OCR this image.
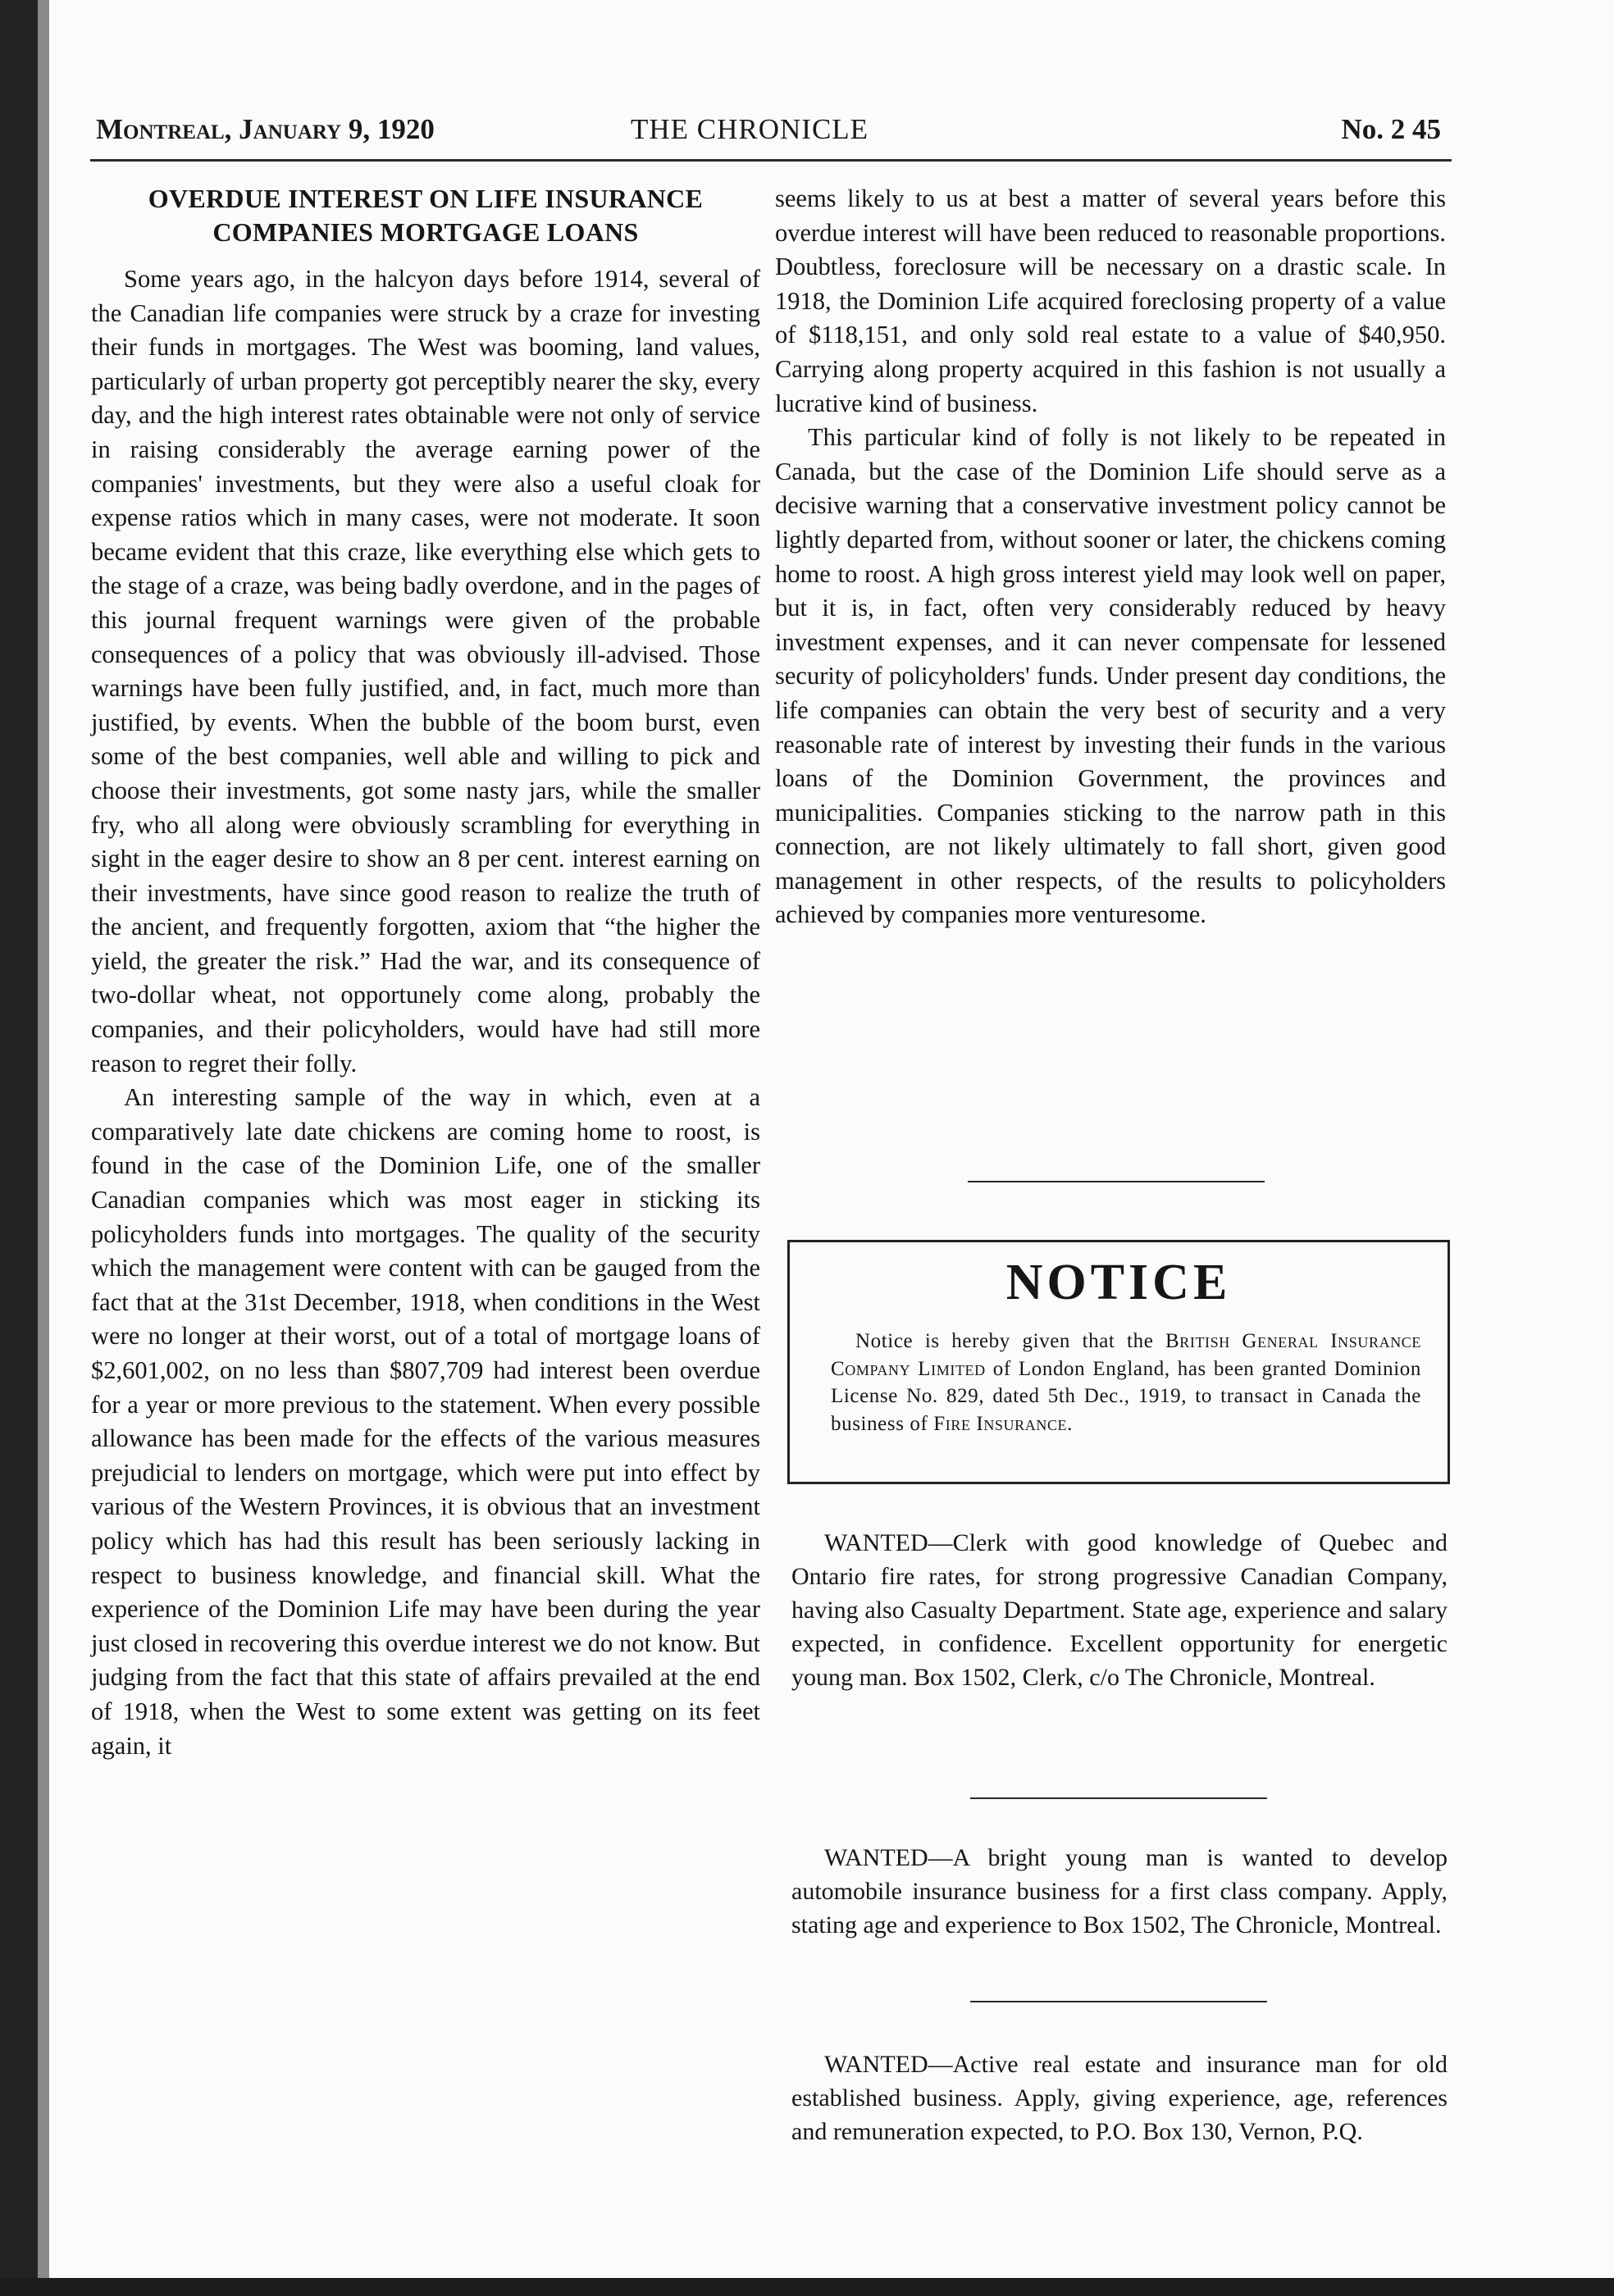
Montreal, January 9, 1920	THE CHRONICLE	No. 2 45
OVERDUE INTEREST ON LIFE INSURANCE COMPANIES MORTGAGE LOANS

Some years ago, in the halcyon days before 1914, several of the Canadian life companies were struck by a craze for investing their funds in mortgages. The West was booming, land values, particularly of urban property got perceptibly nearer the sky, every day, and the high interest rates obtainable were not only of service in raising considerably the average earning power of the companies' investments, but they were also a useful cloak for expense ratios which in many cases, were not moderate. It soon became evident that this craze, like everything else which gets to the stage of a craze, was being badly overdone, and in the pages of this journal frequent warnings were given of the probable consequences of a policy that was obviously ill-advised. Those warnings have been fully justified, and, in fact, much more than justified, by events. When the bubble of the boom burst, even some of the best companies, well able and willing to pick and choose their investments, got some nasty jars, while the smaller fry, who all along were obviously scrambling for everything in sight in the eager desire to show an 8 per cent. interest earning on their investments, have since good reason to realize the truth of the ancient, and frequently forgotten, axiom that “the higher the yield, the greater the risk.” Had the war, and its consequence of two-dollar wheat, not opportunely come along, probably the companies, and their policyholders, would have had still more reason to regret their folly.

An interesting sample of the way in which, even at a comparatively late date chickens are coming home to roost, is found in the case of the Dominion Life, one of the smaller Canadian companies which was most eager in sticking its policyholders funds into mortgages. The quality of the security which the management were content with can be gauged from the fact that at the 31st December, 1918, when conditions in the West were no longer at their worst, out of a total of mortgage loans of $2,601,002, on no less than $807,709 had interest been overdue for a year or more previous to the statement. When every possible allowance has been made for the effects of the various measures prejudicial to lenders on mortgage, which were put into effect by various of the Western Provinces, it is obvious that an investment policy which has had this result has been seriously lacking in respect to business knowledge, and financial skill. What the experience of the Dominion Life may have been during the year just closed in recovering this overdue interest we do not know. But judging from the fact that this state of affairs prevailed at the end of 1918, when the West to some extent was getting on its feet again, it

seems likely to us at best a matter of several years before this overdue interest will have been reduced to reasonable proportions. Doubtless, foreclosure will be necessary on a drastic scale. In 1918, the Dominion Life acquired foreclosing property of a value of $118,151, and only sold real estate to a value of $40,950. Carrying along property acquired in this fashion is not usually a lucrative kind of business.

This particular kind of folly is not likely to be repeated in Canada, but the case of the Dominion Life should serve as a decisive warning that a conservative investment policy cannot be lightly departed from, without sooner or later, the chickens coming home to roost. A high gross interest yield may look well on paper, but it is, in fact, often very considerably reduced by heavy investment expenses, and it can never compensate for lessened security of policyholders' funds. Under present day conditions, the life companies can obtain the very best of security and a very reasonable rate of interest by investing their funds in the various loans of the Dominion Government, the provinces and municipalities. Companies sticking to the narrow path in this connection, are not likely ultimately to fall short, given good management in other respects, of the results to policyholders achieved by companies more venturesome.

NOTICE

Notice is hereby given that the British General Insurance Company Limited of London England, has been granted Dominion License No. 829, dated 5th Dec., 1919, to transact in Canada the business of Fire Insurance.

WANTED—Clerk with good knowledge of Quebec and Ontario fire rates, for strong progressive Canadian Company, having also Casualty Department. State age, experience and salary expected, in confidence. Excellent opportunity for energetic young man. Box 1502, Clerk, c/o The Chronicle, Montreal.

WANTED—A bright young man is wanted to develop automobile insurance business for a first class company. Apply, stating age and experience to Box 1502, The Chronicle, Montreal.

WANTED—Active real estate and insurance man for old established business. Apply, giving experience, age, references and remuneration expected, to P.O. Box 130, Vernon, P.Q.
